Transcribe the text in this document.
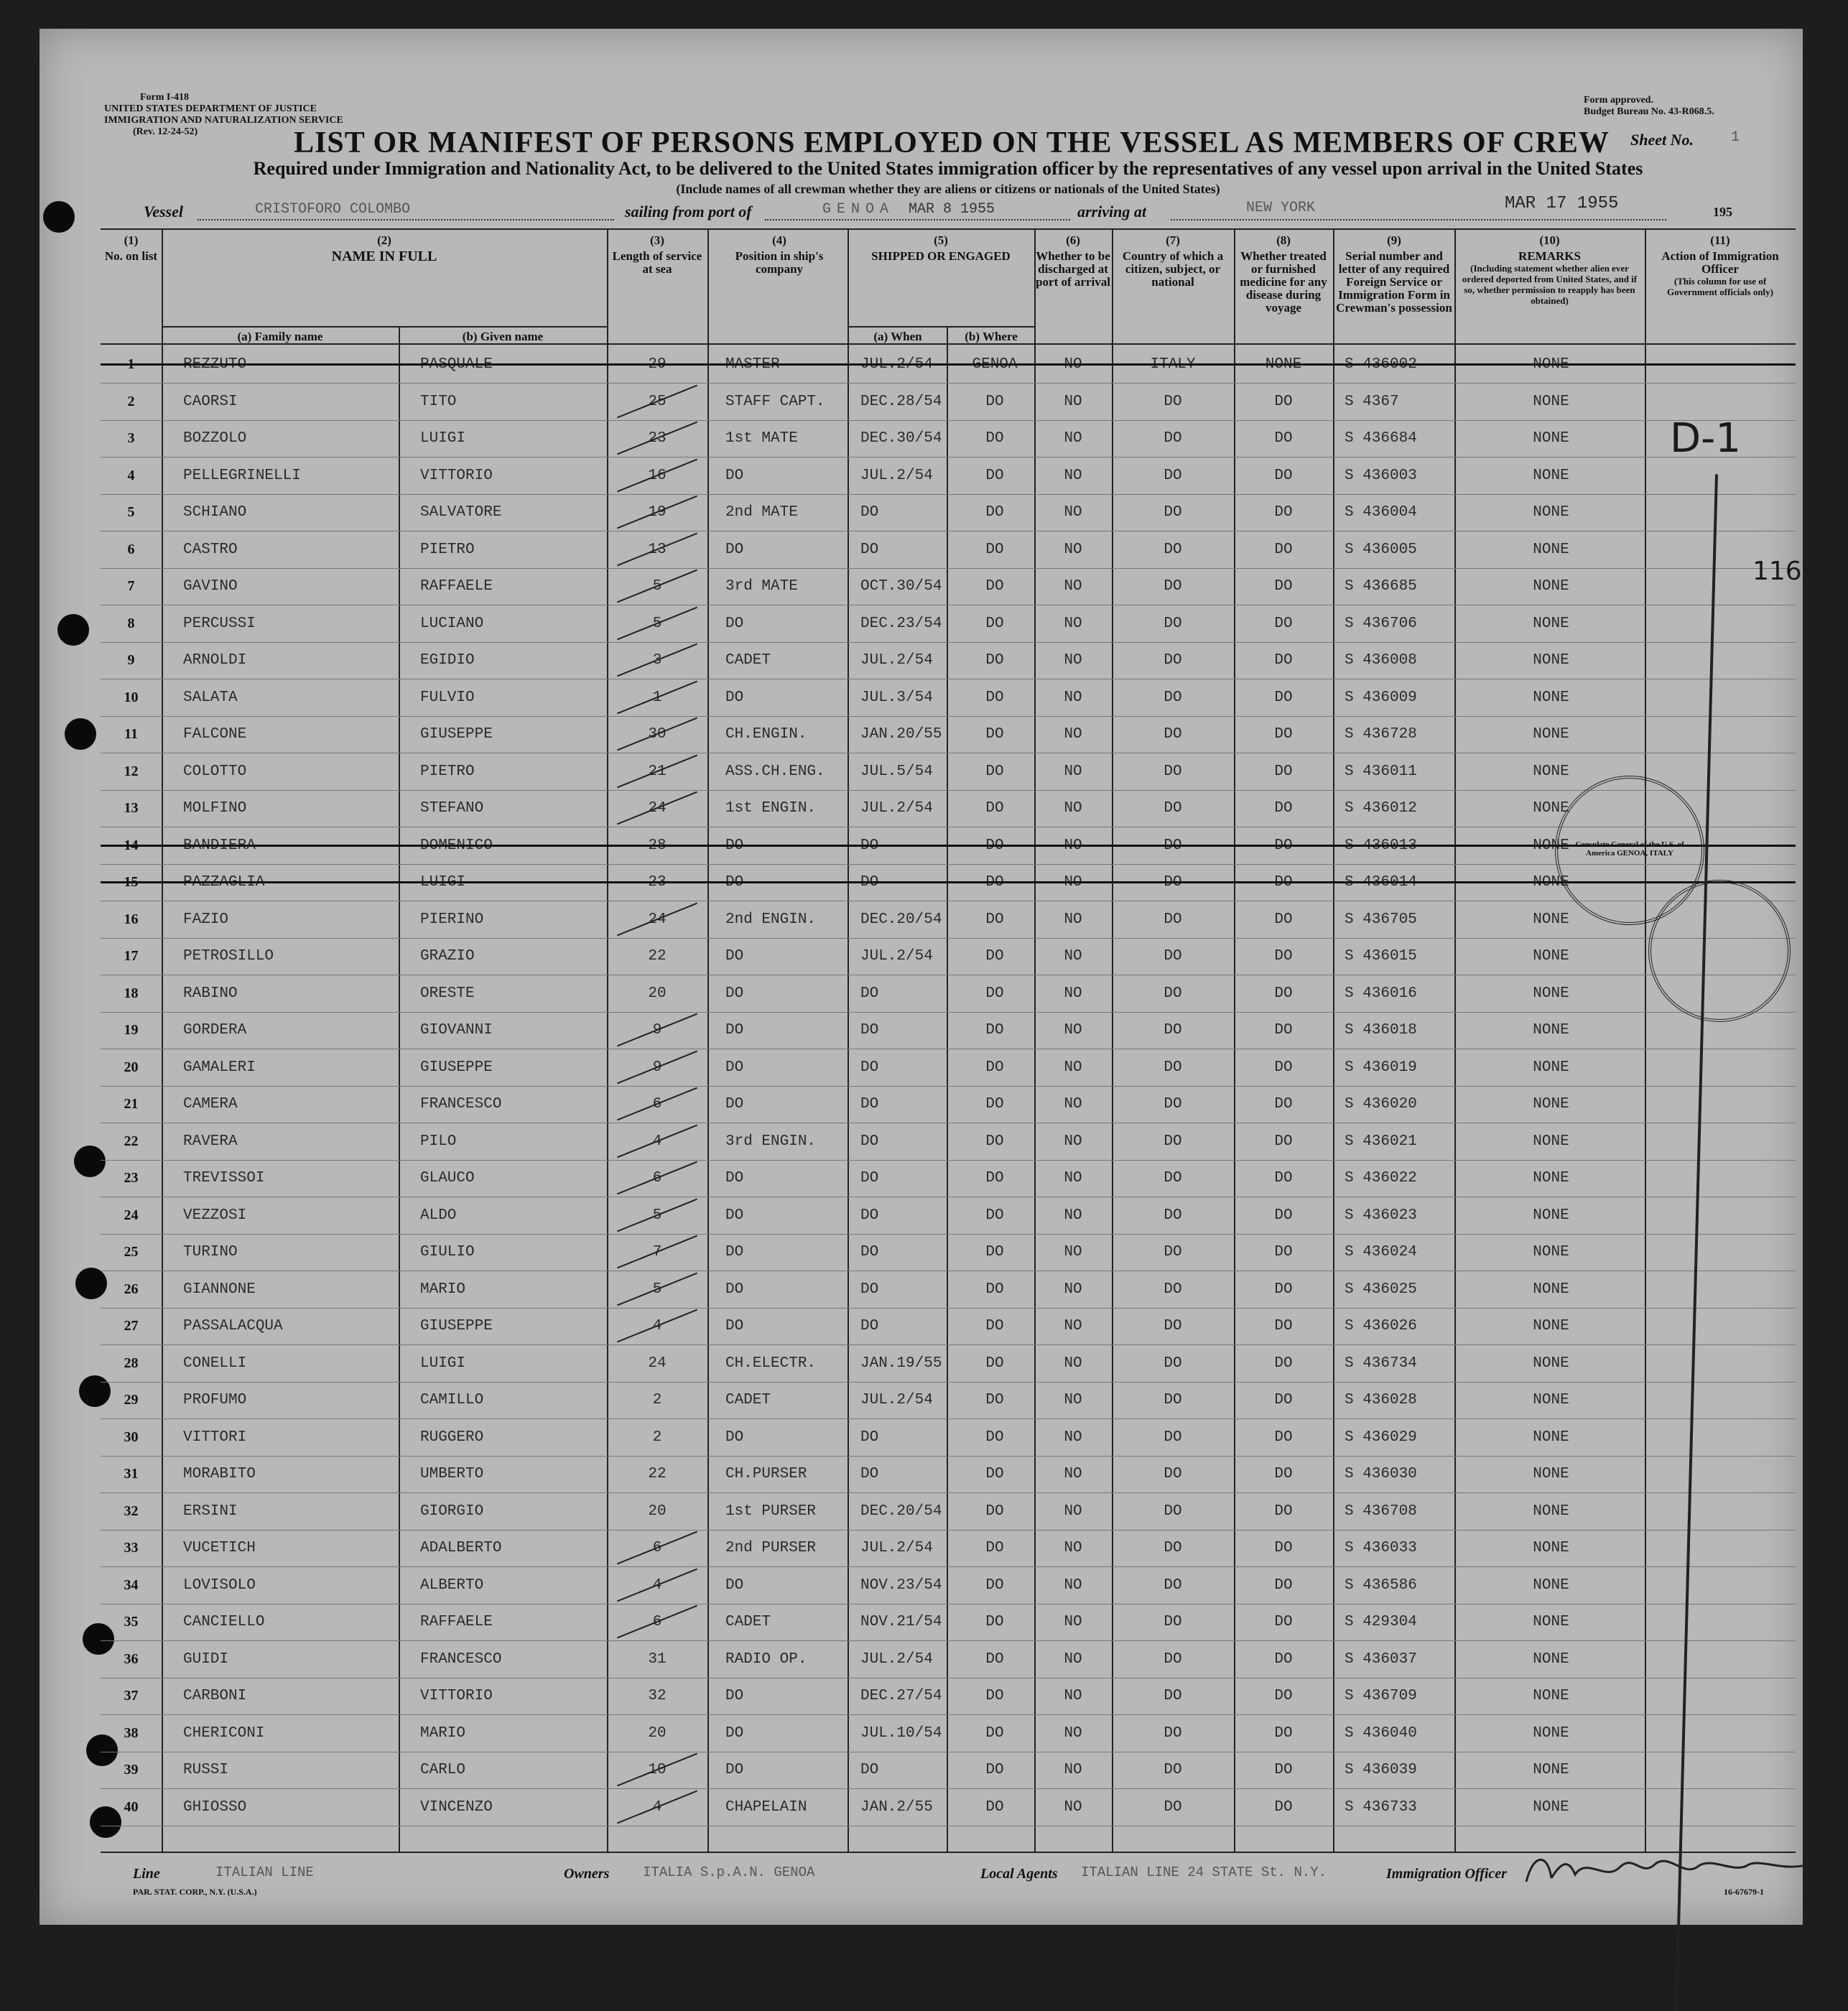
Form I-418
UNITED STATES DEPARTMENT OF JUSTICE
IMMIGRATION AND NATURALIZATION SERVICE
(Rev. 12-24-52)
Form approved.
Budget Bureau No. 43-R068.5.
Sheet No.	1
LIST OR MANIFEST OF PERSONS EMPLOYED ON THE VESSEL AS MEMBERS OF CREW
Required under Immigration and Nationality Act, to be delivered to the United States immigration officer by the representatives of any vessel upon arrival in the United States
(Include names of all crewman whether they are aliens or citizens or nationals of the United States)
Vessel	CRISTOFORO COLOMBO	sailing from port of	GENOA MAR 8 1955	arriving at	NEW YORK	MAR 17 1955	195
(1)
No. on list
(2)
NAME IN FULL
(a) Family name	(b) Given name
(3)
Length of service at sea
(4)
Position in ship's company
(5)
SHIPPED OR ENGAGED
(a) When	(b) Where
(6)
Whether to be discharged at port of arrival
(7)
Country of which a citizen, subject, or national
(8)
Whether treated or furnished medicine for any disease during voyage
(9)
Serial number and letter of any required Foreign Service or Immigration Form in Crewman's possession
(10)
REMARKS
(Including statement whether alien ever ordered deported from United States, and if so, whether permission to reapply has been obtained)
(11)
Action of Immigration Officer
(This column for use of Government officials only)
1	REZZUTO	PASQUALE	29	MASTER	JUL.2/54	GENOA	NO	ITALY	NONE	S 436002	NONE
2	CAORSI	TITO	25	STAFF CAPT. DEC.28/54	DO	NO	DO	DO	S 4367	NONE
3	BOZZOLO	LUIGI	23	1st MATE	DEC.30/54	DO	NO	DO	DO	S 436684	NONE
4	PELLEGRINELLI	VITTORIO	16	DO	JUL.2/54	DO	NO	DO	DO	S 436003	NONE
5	SCHIANO	SALVATORE	19	2nd MATE	DO	DO	NO	DO	DO	S 436004	NONE
6	CASTRO	PIETRO	13	DO	DO	DO	NO	DO	DO	S 436005	NONE
7	GAVINO	RAFFAELE	5	3rd MATE	OCT.30/54	DO	NO	DO	DO	S 436685	NONE
8	PERCUSSI	LUCIANO	5	DO	DEC.23/54	DO	NO	DO	DO	S 436706	NONE
9	ARNOLDI	EGIDIO	3	CADET	JUL.2/54	DO	NO	DO	DO	S 436008	NONE
10	SALATA	FULVIO	1	DO	JUL.3/54	DO	NO	DO	DO	S 436009	NONE
11	FALCONE	GIUSEPPE	30	CH.ENGIN.	JAN.20/55	DO	NO	DO	DO	S 436728	NONE
12	COLOTTO	PIETRO	21	ASS.CH.ENG. JUL.5/54	DO	NO	DO	DO	S 436011	NONE
13	MOLFINO	STEFANO	24	1st ENGIN.	JUL.2/54	DO	NO	DO	DO	S 436012	NONE
14	BANDIERA	DOMENICO	28	DO	DO	DO	NO	DO	DO	S 436013	NONE
15	PAZZAGLIA	LUIGI	23	DO	DO	DO	NO	DO	DO	S 436014	NONE
16	FAZIO	PIERINO	24	2nd ENGIN.	DEC.20/54	DO	NO	DO	DO	S 436705	NONE
17	PETROSILLO	GRAZIO	22	DO	JUL.2/54	DO	NO	DO	DO	S 436015	NONE
18	RABINO	ORESTE	20	DO	DO	DO	NO	DO	DO	S 436016	NONE
19	GORDERA	GIOVANNI	9	DO	DO	DO	NO	DO	DO	S 436018	NONE
20	GAMALERI	GIUSEPPE	9	DO	DO	DO	NO	DO	DO	S 436019	NONE
21	CAMERA	FRANCESCO	6	DO	DO	DO	NO	DO	DO	S 436020	NONE
22	RAVERA	PILO	4	3rd ENGIN.	DO	DO	NO	DO	DO	S 436021	NONE
23	TREVISSOI	GLAUCO	6	DO	DO	DO	NO	DO	DO	S 436022	NONE
24	VEZZOSI	ALDO	5	DO	DO	DO	NO	DO	DO	S 436023	NONE
25	TURINO	GIULIO	7	DO	DO	DO	NO	DO	DO	S 436024	NONE
26	GIANNONE	MARIO	5	DO	DO	DO	NO	DO	DO	S 436025	NONE
27	PASSALACQUA	GIUSEPPE	4	DO	DO	DO	NO	DO	DO	S 436026	NONE
28	CONELLI	LUIGI	24	CH.ELECTR.	JAN.19/55	DO	NO	DO	DO	S 436734	NONE
29	PROFUMO	CAMILLO	2	CADET	JUL.2/54	DO	NO	DO	DO	S 436028	NONE
30	VITTORI	RUGGERO	2	DO	DO	DO	NO	DO	DO	S 436029	NONE
31	MORABITO	UMBERTO	22	CH.PURSER	DO	DO	NO	DO	DO	S 436030	NONE
32	ERSINI	GIORGIO	20	1st PURSER	DEC.20/54	DO	NO	DO	DO	S 436708	NONE
33	VUCETICH	ADALBERTO	6	2nd PURSER	JUL.2/54	DO	NO	DO	DO	S 436033	NONE
34	LOVISOLO	ALBERTO	4	DO	NOV.23/54	DO	NO	DO	DO	S 436586	NONE
35	CANCIELLO	RAFFAELE	6	CADET	NOV.21/54	DO	NO	DO	DO	S 429304	NONE
36	GUIDI	FRANCESCO	31	RADIO OP.	JUL.2/54	DO	NO	DO	DO	S 436037	NONE
37	CARBONI	VITTORIO	32	DO	DEC.27/54	DO	NO	DO	DO	S 436709	NONE
38	CHERICONI	MARIO	20	DO	JUL.10/54	DO	NO	DO	DO	S 436040	NONE
39	RUSSI	CARLO	10	DO	DO	DO	NO	DO	DO	S 436039	NONE
40	GHIOSSO	VINCENZO	4	CHAPELAIN	JAN.2/55	DO	NO	DO	DO	S 436733	NONE
D-1
116
Consulate General of the U.S. of America GENOA, ITALY
Line	ITALIAN LINE	Owners ITALIA S.p.A.N. GENOA	Local Agents ITALIAN LINE 24 STATE St. N.Y.	Immigration Officer
PAR. STAT. CORP., N.Y. (U.S.A.)	16-67679-1
